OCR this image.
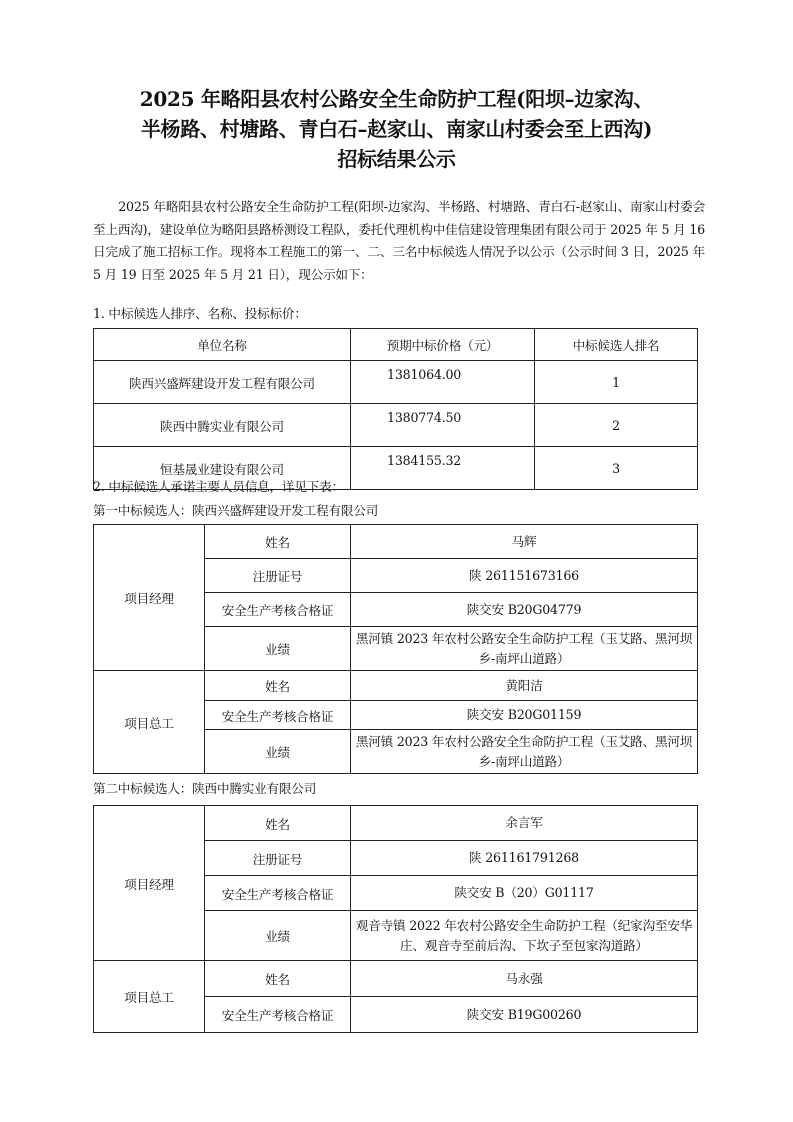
2025 年略阳县农村公路安全生命防护工程(阳坝–边家沟、
半杨路、村塘路、青白石–赵家山、南家山村委会至上西沟)
招标结果公示

2025 年略阳县农村公路安全生命防护工程(阳坝-边家沟、半杨路、村塘路、青白石-赵家山、南家山村委会至上西沟)，建设单位为略阳县路桥测设工程队，委托代理机构中佳信建设管理集团有限公司于 2025 年 5 月 16 日完成了施工招标工作。现将本工程施工的第一、二、三名中标候选人情况予以公示（公示时间 3 日，2025 年 5 月 19 日至 2025 年 5 月 21 日），现公示如下：

1. 中标候选人排序、名称、投标标价：
单位名称	预期中标价格（元）	中标候选人排名
陕西兴盛辉建设开发工程有限公司	1381064.00	1
陕西中腾实业有限公司	1380774.50	2
恒基晟业建设有限公司	1384155.32	3
2. 中标候选人承诺主要人员信息，详见下表：
第一中标候选人：陕西兴盛辉建设开发工程有限公司
项目经理	姓名	马辉
	注册证号	陕 261151673166
	安全生产考核合格证	陕交安 B20G04779
	业绩	黑河镇 2023 年农村公路安全生命防护工程（玉艾路、黑河坝乡-南坪山道路）
项目总工	姓名	黄阳洁
	安全生产考核合格证	陕交安 B20G01159
	业绩	黑河镇 2023 年农村公路安全生命防护工程（玉艾路、黑河坝乡-南坪山道路）
第二中标候选人：陕西中腾实业有限公司
项目经理	姓名	余言军
	注册证号	陕 261161791268
	安全生产考核合格证	陕交安 B（20）G01117
	业绩	观音寺镇 2022 年农村公路安全生命防护工程（纪家沟至安华庄、观音寺至前后沟、下坎子至包家沟道路）
项目总工	姓名	马永强
	安全生产考核合格证	陕交安 B19G00260
